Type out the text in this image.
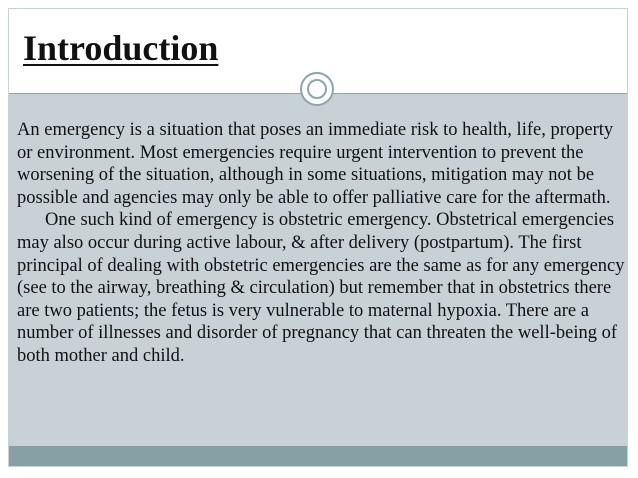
Introduction

An emergency is a situation that poses an immediate risk to health, life, property or environment. Most emergencies require urgent intervention to prevent the worsening of the situation, although in some situations, mitigation may not be possible and agencies may only be able to offer palliative care for the aftermath.

One such kind of emergency is obstetric emergency. Obstetrical emergencies may also occur during active labour, & after delivery (postpartum). The first principal of dealing with obstetric emergencies are the same as for any emergency (see to the airway, breathing & circulation) but remember that in obstetrics there are two patients; the fetus is very vulnerable to maternal hypoxia. There are a number of illnesses and disorder of pregnancy that can threaten the well-being of both mother and child.
